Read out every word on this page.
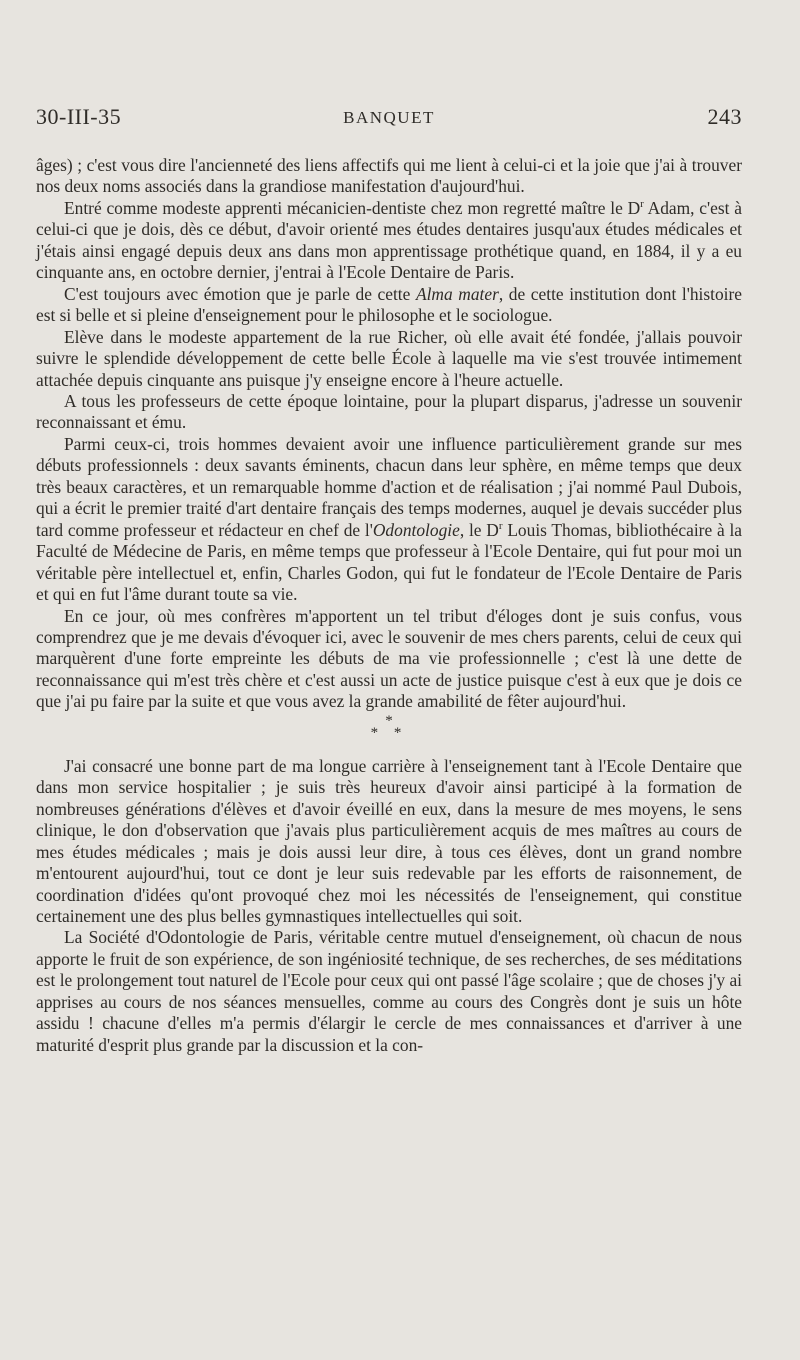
30-III-35	BANQUET	243

âges) ; c'est vous dire l'ancienneté des liens affectifs qui me lient à celui-ci et la joie que j'ai à trouver nos deux noms associés dans la grandiose manifestation d'aujourd'hui.

Entré comme modeste apprenti mécanicien-dentiste chez mon regretté maître le $D^r$ Adam, c'est à celui-ci que je dois, dès ce début, d'avoir orienté mes études dentaires jusqu'aux études médicales et j'étais ainsi engagé depuis deux ans dans mon apprentissage prothétique quand, en 1884, il y a eu cinquante ans, en octobre dernier, j'entrai à l'Ecole Dentaire de Paris.

C'est toujours avec émotion que je parle de cette Alma mater, de cette institution dont l'histoire est si belle et si pleine d'enseignement pour le philosophe et le sociologue.

Elève dans le modeste appartement de la rue Richer, où elle avait été fondée, j'allais pouvoir suivre le splendide développement de cette belle École à laquelle ma vie s'est trouvée intimement attachée depuis cinquante ans puisque j'y enseigne encore à l'heure actuelle.

A tous les professeurs de cette époque lointaine, pour la plupart disparus, j'adresse un souvenir reconnaissant et ému.

Parmi ceux-ci, trois hommes devaient avoir une influence particulièrement grande sur mes débuts professionnels : deux savants éminents, chacun dans leur sphère, en même temps que deux très beaux caractères, et un remarquable homme d'action et de réalisation ; j'ai nommé Paul Dubois, qui a écrit le premier traité d'art dentaire français des temps modernes, auquel je devais succéder plus tard comme professeur et rédacteur en chef de l'Odontologie, le $D^r$ Louis Thomas, bibliothécaire à la Faculté de Médecine de Paris, en même temps que professeur à l'Ecole Dentaire, qui fut pour moi un véritable père intellectuel et, enfin, Charles Godon, qui fut le fondateur de l'Ecole Dentaire de Paris et qui en fut l'âme durant toute sa vie.

En ce jour, où mes confrères m'apportent un tel tribut d'éloges dont je suis confus, vous comprendrez que je me devais d'évoquer ici, avec le souvenir de mes chers parents, celui de ceux qui marquèrent d'une forte empreinte les débuts de ma vie professionnelle ; c'est là une dette de reconnaissance qui m'est très chère et c'est aussi un acte de justice puisque c'est à eux que je dois ce que j'ai pu faire par la suite et que vous avez la grande amabilité de fêter aujourd'hui.

*
* *

J'ai consacré une bonne part de ma longue carrière à l'enseignement tant à l'Ecole Dentaire que dans mon service hospitalier ; je suis très heureux d'avoir ainsi participé à la formation de nombreuses générations d'élèves et d'avoir éveillé en eux, dans la mesure de mes moyens, le sens clinique, le don d'observation que j'avais plus particulièrement acquis de mes maîtres au cours de mes études médicales ; mais je dois aussi leur dire, à tous ces élèves, dont un grand nombre m'entourent aujourd'hui, tout ce dont je leur suis redevable par les efforts de raisonnement, de coordination d'idées qu'ont provoqué chez moi les nécessités de l'enseignement, qui constitue certainement une des plus belles gymnastiques intellectuelles qui soit.

La Société d'Odontologie de Paris, véritable centre mutuel d'enseignement, où chacun de nous apporte le fruit de son expérience, de son ingéniosité technique, de ses recherches, de ses méditations est le prolongement tout naturel de l'Ecole pour ceux qui ont passé l'âge scolaire ; que de choses j'y ai apprises au cours de nos séances mensuelles, comme au cours des Congrès dont je suis un hôte assidu ! chacune d'elles m'a permis d'élargir le cercle de mes connaissances et d'arriver à une maturité d'esprit plus grande par la discussion et la con-
